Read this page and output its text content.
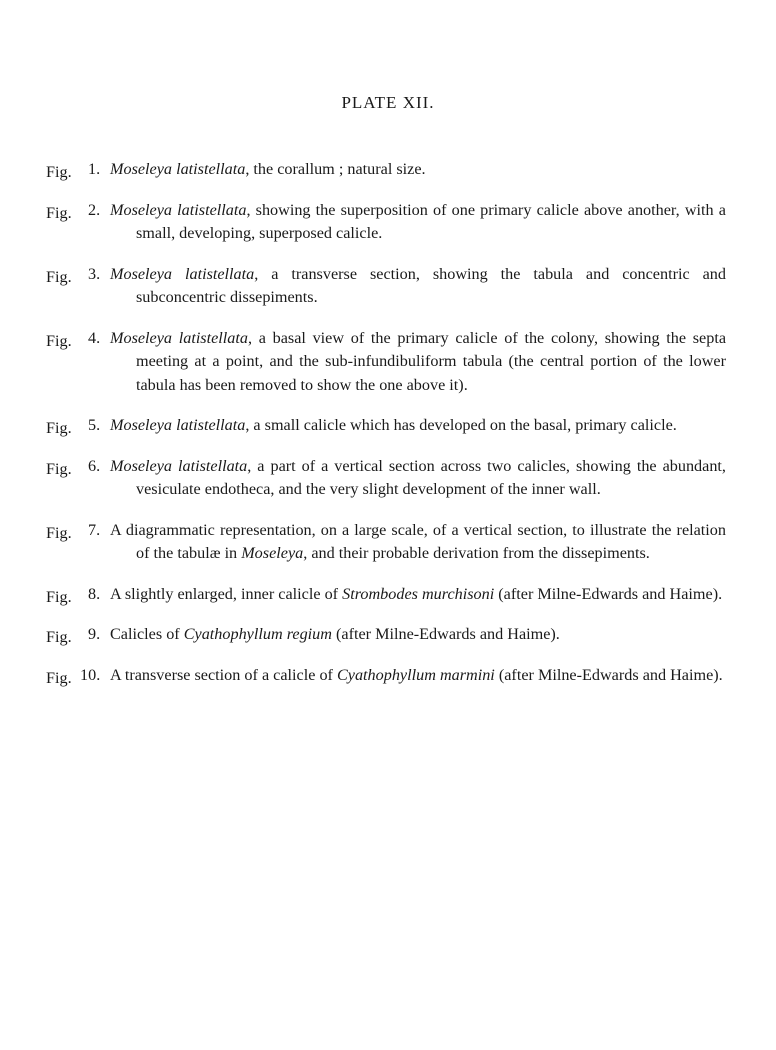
PLATE XII.
Fig. 1. Moseleya latistellata, the corallum ; natural size.
Fig. 2. Moseleya latistellata, showing the superposition of one primary calicle above another, with a small, developing, superposed calicle.
Fig. 3. Moseleya latistellata, a transverse section, showing the tabula and concentric and subconcentric dissepiments.
Fig. 4. Moseleya latistellata, a basal view of the primary calicle of the colony, showing the septa meeting at a point, and the sub-infundibuliform tabula (the central portion of the lower tabula has been removed to show the one above it).
Fig. 5. Moseleya latistellata, a small calicle which has developed on the basal, primary calicle.
Fig. 6. Moseleya latistellata, a part of a vertical section across two calicles, showing the abundant, vesiculate endotheca, and the very slight development of the inner wall.
Fig. 7. A diagrammatic representation, on a large scale, of a vertical section, to illustrate the relation of the tabulæ in Moseleya, and their probable derivation from the dissepiments.
Fig. 8. A slightly enlarged, inner calicle of Strombodes murchisoni (after Milne-Edwards and Haime).
Fig. 9. Calicles of Cyathophyllum regium (after Milne-Edwards and Haime).
Fig. 10. A transverse section of a calicle of Cyathophyllum marmini (after Milne-Edwards and Haime).
